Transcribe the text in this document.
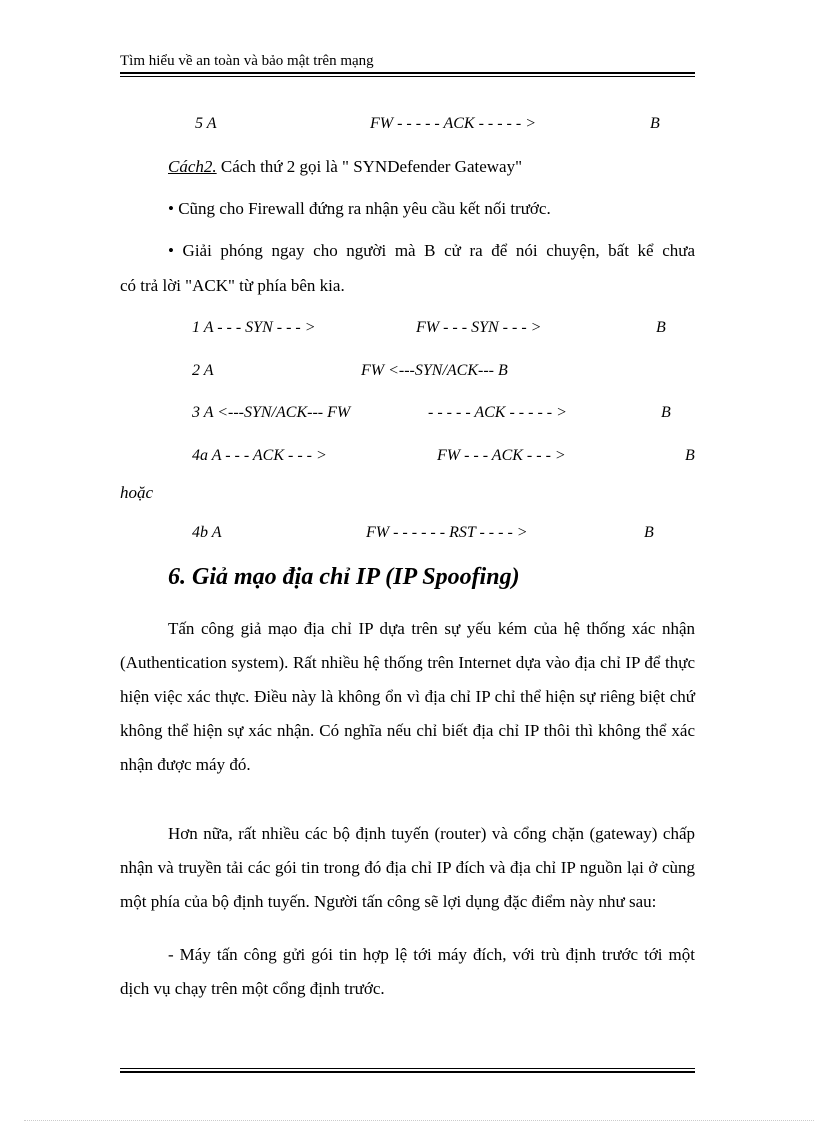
Tìm hiểu về an toàn và bảo mật trên mạng
5 A	FW - - - - - ACK - - - - - >	B
Cách2. Cách thứ 2 gọi là " SYNDefender Gateway"
• Cũng cho Firewall đứng ra nhận yêu cầu kết nối trước.
• Giải phóng ngay cho người mà B cử ra để nói chuyện, bất kể chưa
có trả lời "ACK" từ phía bên kia.
1 A - - - SYN - - - >	FW - - - SYN - - - >	B
2 A	FW <---SYN/ACK--- B
3 A <---SYN/ACK--- FW	- - - - - ACK - - - - - >	B
4a A - - - ACK - - - >	FW - - - ACK - - - >	B
hoặc
4b A	FW - - - - - - RST - - - - >	B
6. Giả mạo địa chỉ IP (IP Spoofing)
Tấn công giả mạo địa chỉ IP dựa trên sự yếu kém của hệ thống xác nhận (Authentication system). Rất nhiều hệ thống trên Internet dựa vào địa chỉ IP để thực hiện việc xác thực. Điều này là không ổn vì địa chỉ IP chỉ thể hiện sự riêng biệt chứ không thể hiện sự xác nhận. Có nghĩa nếu chỉ biết địa chỉ IP thôi thì không thể xác nhận được máy đó.
Hơn nữa, rất nhiều các bộ định tuyến (router) và cổng chặn (gateway) chấp nhận và truyền tải các gói tin trong đó địa chỉ IP đích và địa chỉ IP nguồn lại ở cùng một phía của bộ định tuyến. Người tấn công sẽ lợi dụng đặc điểm này như sau:
- Máy tấn công gửi gói tin hợp lệ tới máy đích, với trù định trước tới một dịch vụ chạy trên một cổng định trước.
